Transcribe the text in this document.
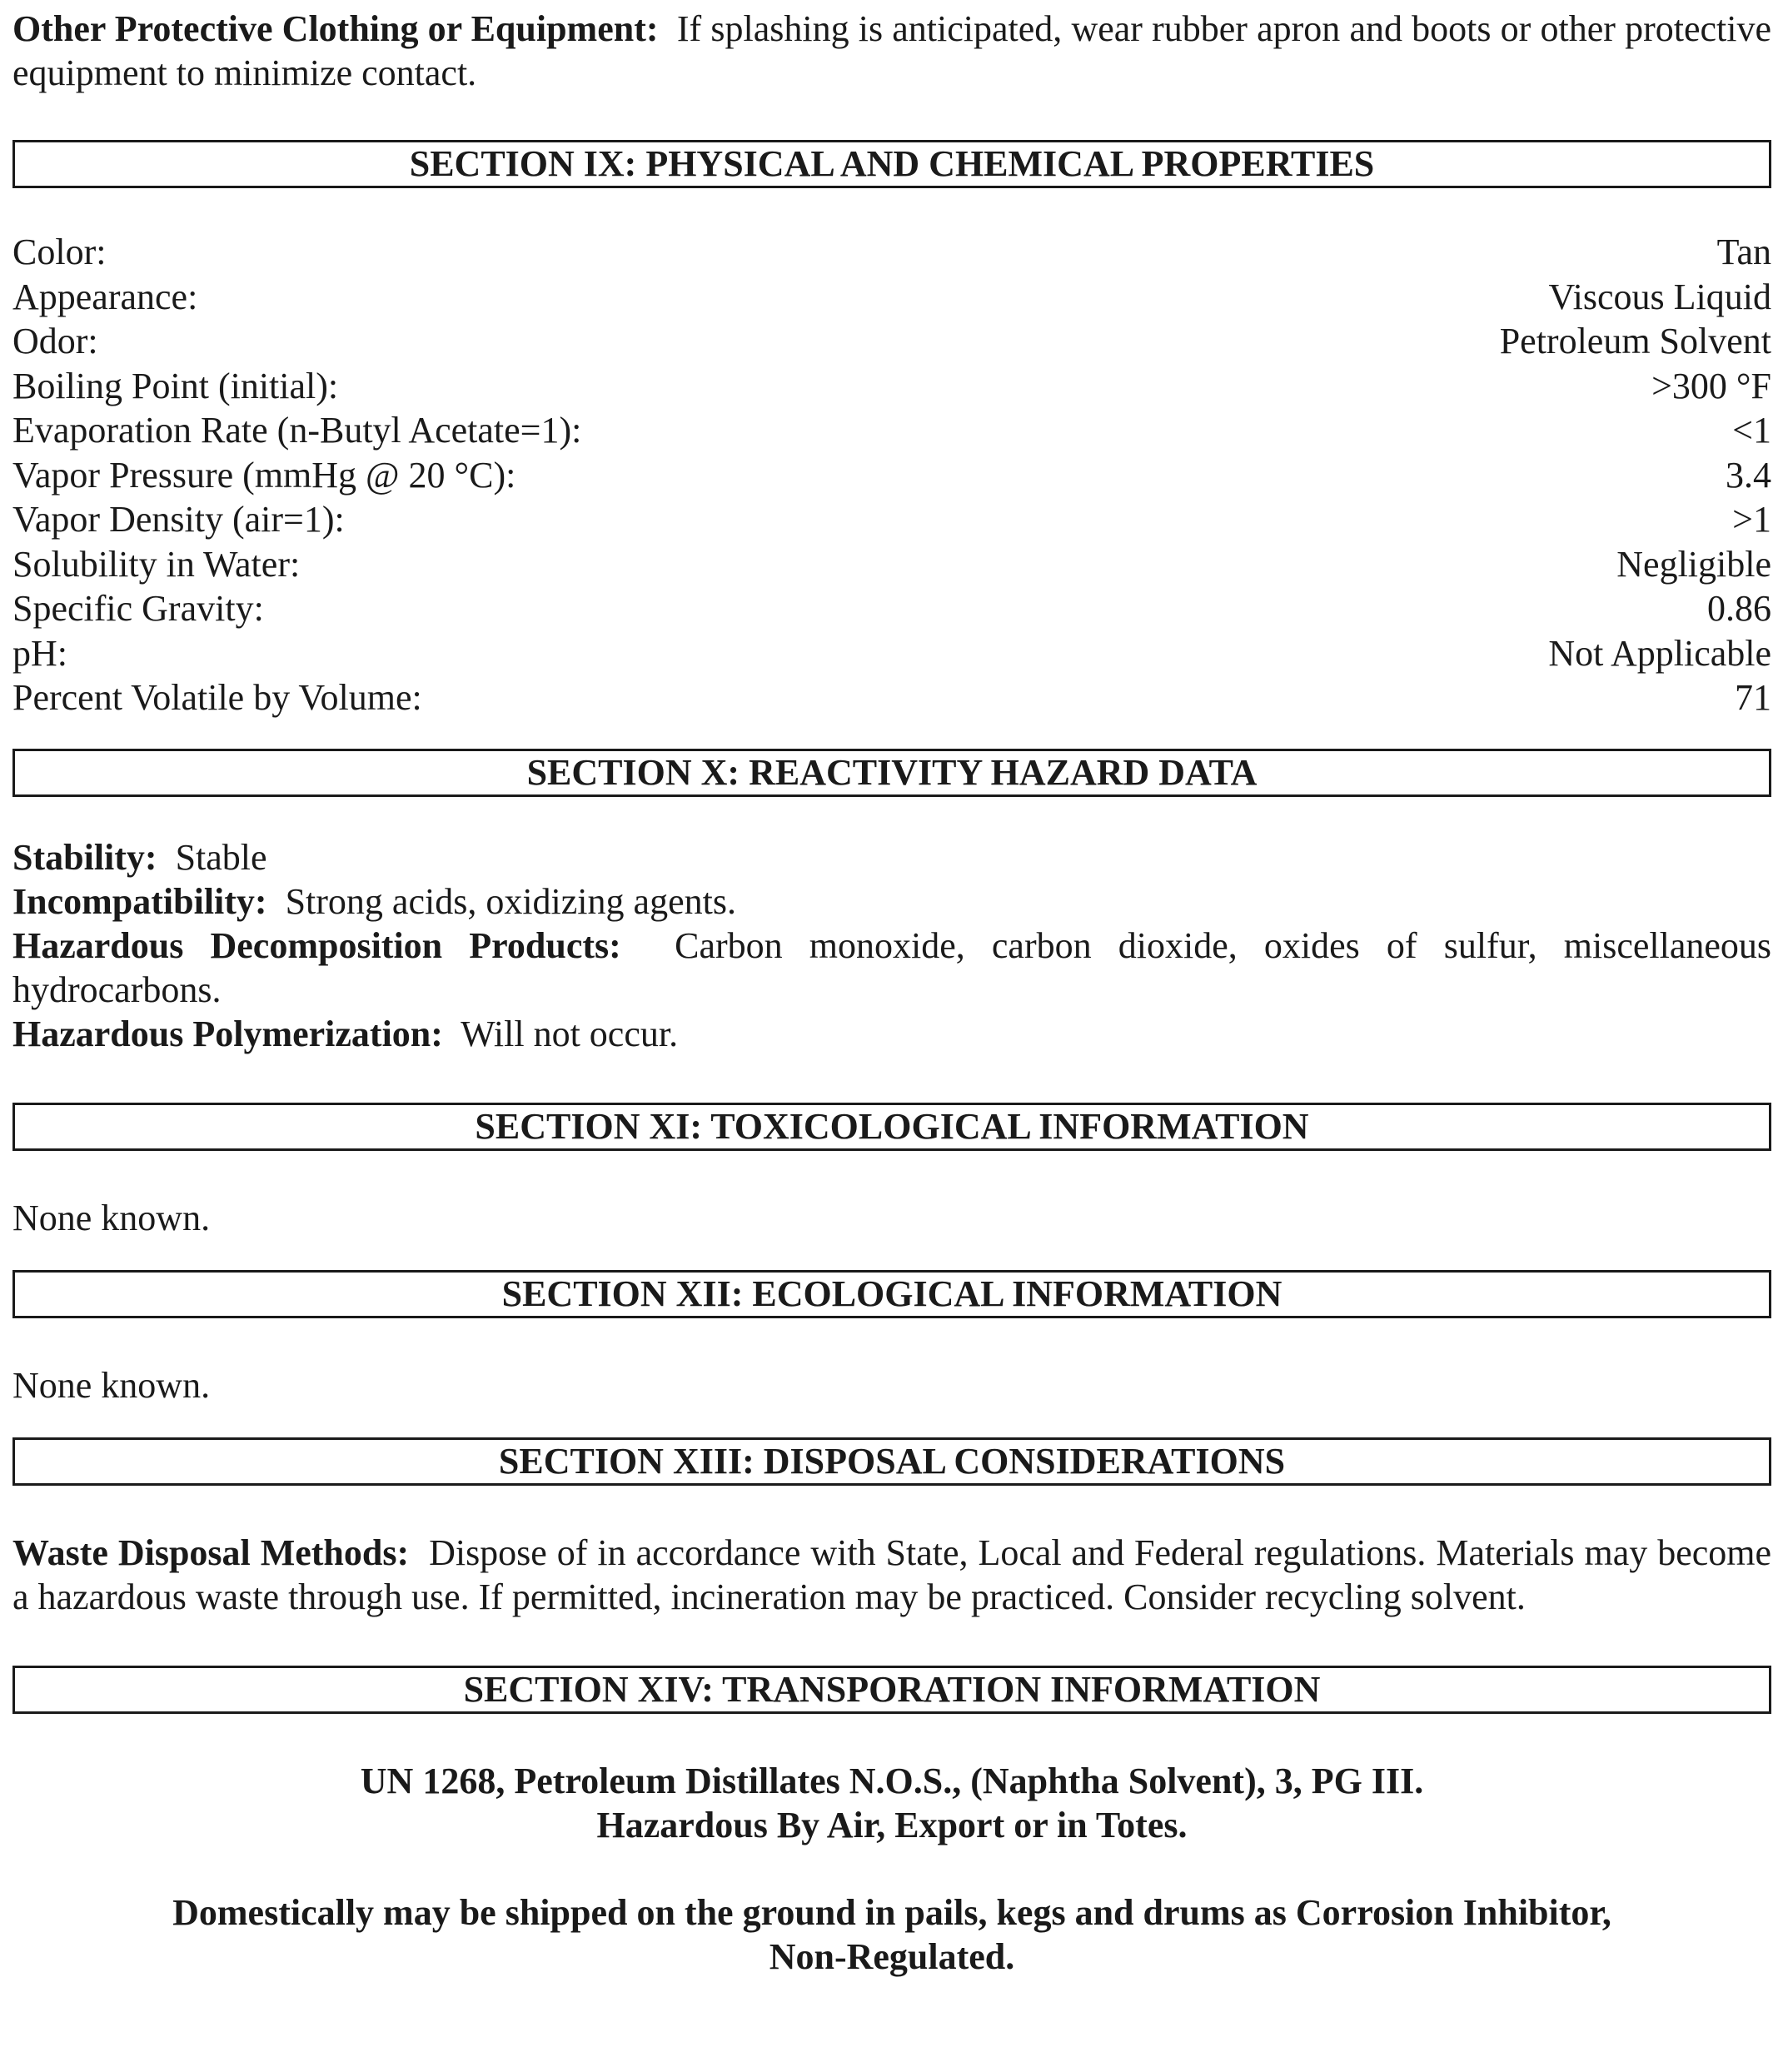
Other Protective Clothing or Equipment: If splashing is anticipated, wear rubber apron and boots or other protective equipment to minimize contact.

SECTION IX: PHYSICAL AND CHEMICAL PROPERTIES
Color:	Tan
Appearance:	Viscous Liquid
Odor:	Petroleum Solvent
Boiling Point (initial):	>300 °F
Evaporation Rate (n-Butyl Acetate=1):	<1
Vapor Pressure (mmHg @ 20 °C):	3.4
Vapor Density (air=1):	>1
Solubility in Water:	Negligible
Specific Gravity:	0.86
pH:	Not Applicable
Percent Volatile by Volume:	71
SECTION X: REACTIVITY HAZARD DATA

Stability: Stable

Incompatibility: Strong acids, oxidizing agents.

Hazardous Decomposition Products: Carbon monoxide, carbon dioxide, oxides of sulfur, miscellaneous hydrocarbons.

Hazardous Polymerization: Will not occur.

SECTION XI: TOXICOLOGICAL INFORMATION

None known.

SECTION XII: ECOLOGICAL INFORMATION

None known.

SECTION XIII: DISPOSAL CONSIDERATIONS

Waste Disposal Methods: Dispose of in accordance with State, Local and Federal regulations. Materials may become a hazardous waste through use. If permitted, incineration may be practiced. Consider recycling solvent.

SECTION XIV: TRANSPORATION INFORMATION

UN 1268, Petroleum Distillates N.O.S., (Naphtha Solvent), 3, PG III.

Hazardous By Air, Export or in Totes.

Domestically may be shipped on the ground in pails, kegs and drums as Corrosion Inhibitor,

Non-Regulated.
